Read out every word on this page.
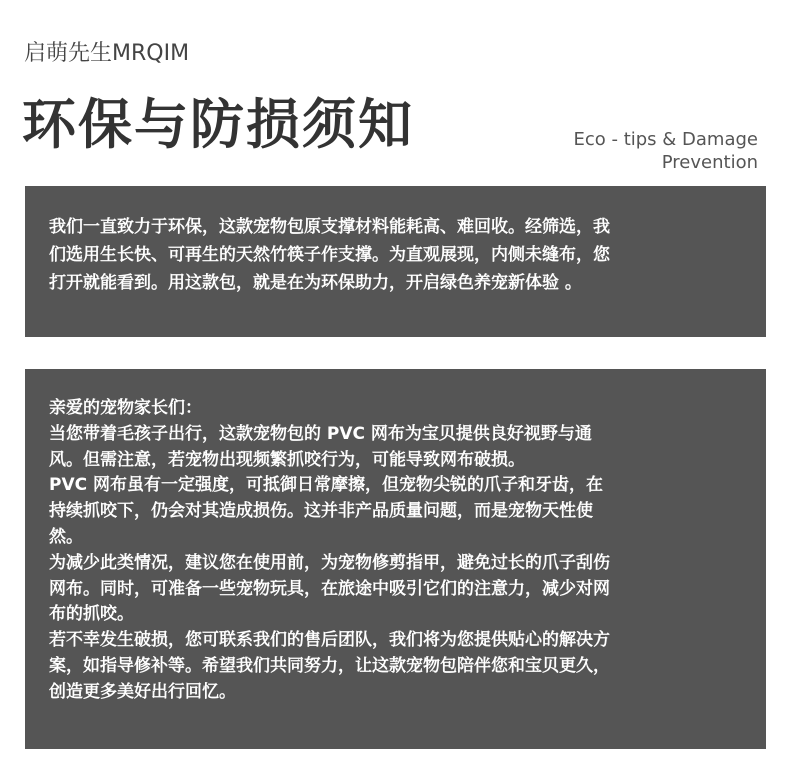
启萌先生MRQIM
环保与防损须知	Eco - tips & Damage
Prevention
我们一直致力于环保，这款宠物包原支撑材料能耗高、难回收。经筛选，我
们选用生长快、可再生的天然竹筷子作支撑。为直观展现，内侧未缝布，您
打开就能看到。用这款包，就是在为环保助力，开启绿色养宠新体验 。
亲爱的宠物家长们：
当您带着毛孩子出行，这款宠物包的 PVC 网布为宝贝提供良好视野与通
风。但需注意，若宠物出现频繁抓咬行为，可能导致网布破损。
PVC 网布虽有一定强度，可抵御日常摩擦，但宠物尖锐的爪子和牙齿，在
持续抓咬下，仍会对其造成损伤。这并非产品质量问题，而是宠物天性使
然。
为减少此类情况，建议您在使用前，为宠物修剪指甲，避免过长的爪子刮伤
网布。同时，可准备一些宠物玩具，在旅途中吸引它们的注意力，减少对网
布的抓咬。
若不幸发生破损，您可联系我们的售后团队，我们将为您提供贴心的解决方
案，如指导修补等。希望我们共同努力，让这款宠物包陪伴您和宝贝更久，
创造更多美好出行回忆。
